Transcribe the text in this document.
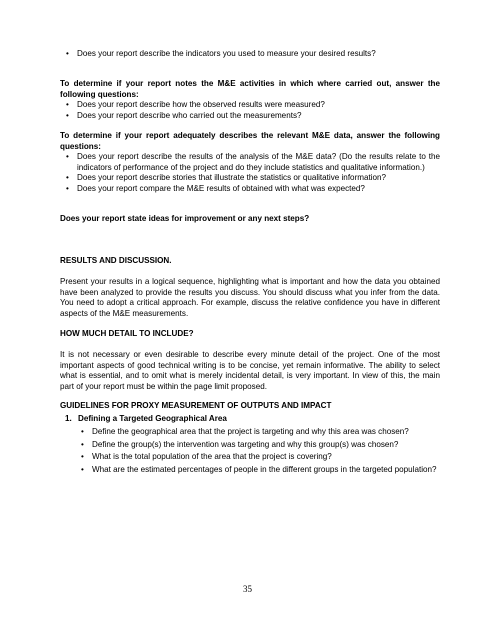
• Does your report describe the indicators you used to measure your desired results?
To determine if your report notes the M&E activities in which where carried out, answer the following questions:
• Does your report describe how the observed results were measured?
• Does your report describe who carried out the measurements?
To determine if your report adequately describes the relevant M&E data, answer the following questions:
• Does your report describe the results of the analysis of the M&E data? (Do the results relate to the indicators of performance of the project and do they include statistics and qualitative information.)
• Does your report describe stories that illustrate the statistics or qualitative information?
• Does your report compare the M&E results of obtained with what was expected?
Does your report state ideas for improvement or any next steps?
RESULTS AND DISCUSSION.
Present your results in a logical sequence, highlighting what is important and how the data you obtained have been analyzed to provide the results you discuss. You should discuss what you infer from the data. You need to adopt a critical approach. For example, discuss the relative confidence you have in different aspects of the M&E measurements.
HOW MUCH DETAIL TO INCLUDE?
It is not necessary or even desirable to describe every minute detail of the project. One of the most important aspects of good technical writing is to be concise, yet remain informative. The ability to select what is essential, and to omit what is merely incidental detail, is very important. In view of this, the main part of your report must be within the page limit proposed.
GUIDELINES FOR PROXY MEASUREMENT OF OUTPUTS AND IMPACT
1. Defining a Targeted Geographical Area
• Define the geographical area that the project is targeting and why this area was chosen?
• Define the group(s) the intervention was targeting and why this group(s) was chosen?
• What is the total population of the area that the project is covering?
• What are the estimated percentages of people in the different groups in the targeted population?
35
